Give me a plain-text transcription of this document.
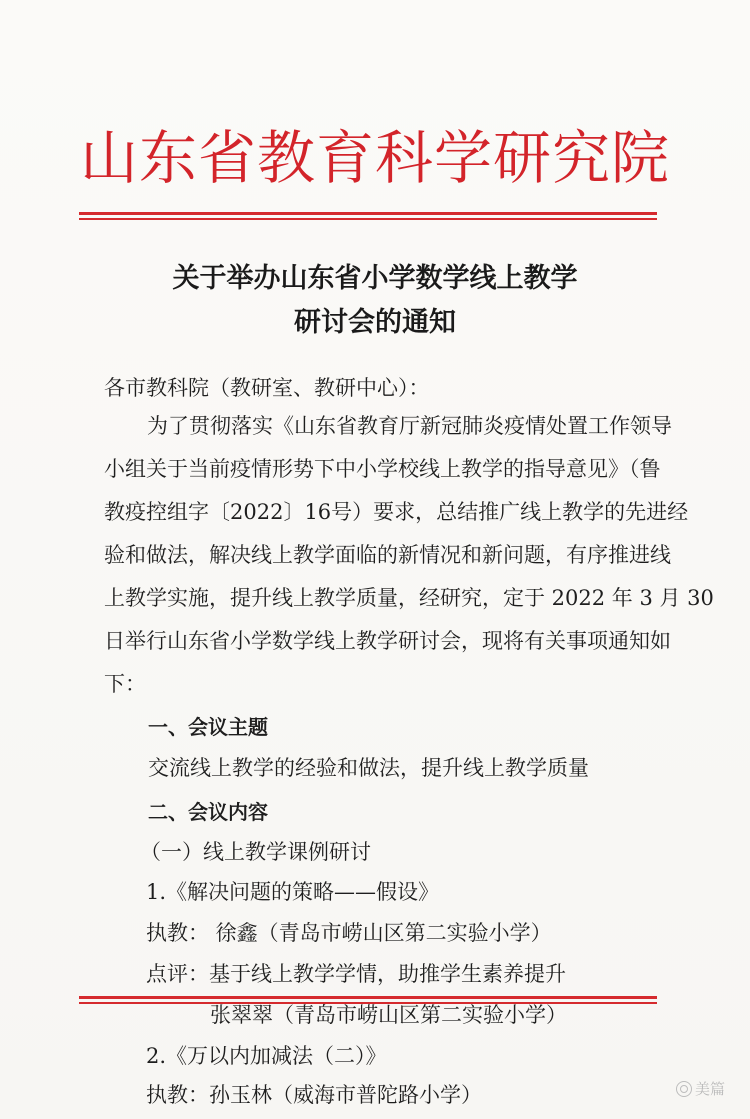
山东省教育科学研究院
关于举办山东省小学数学线上教学
研讨会的通知
各市教科院（教研室、教研中心）：
为了贯彻落实《山东省教育厅新冠肺炎疫情处置工作领导
小组关于当前疫情形势下中小学校线上教学的指导意见》（鲁
教疫控组字〔2022〕16号）要求，总结推广线上教学的先进经
验和做法，解决线上教学面临的新情况和新问题，有序推进线
上教学实施，提升线上教学质量，经研究，定于 2022 年 3 月 30
日举行山东省小学数学线上教学研讨会，现将有关事项通知如
下：
一、会议主题
交流线上教学的经验和做法，提升线上教学质量
二、会议内容
（一）线上教学课例研讨
1.《解决问题的策略——假设》
执教： 徐鑫（青岛市崂山区第二实验小学）
点评：基于线上教学学情，助推学生素养提升
张翠翠（青岛市崂山区第二实验小学）
2.《万以内加减法（二）》
执教：孙玉林（威海市普陀路小学）	美篇
